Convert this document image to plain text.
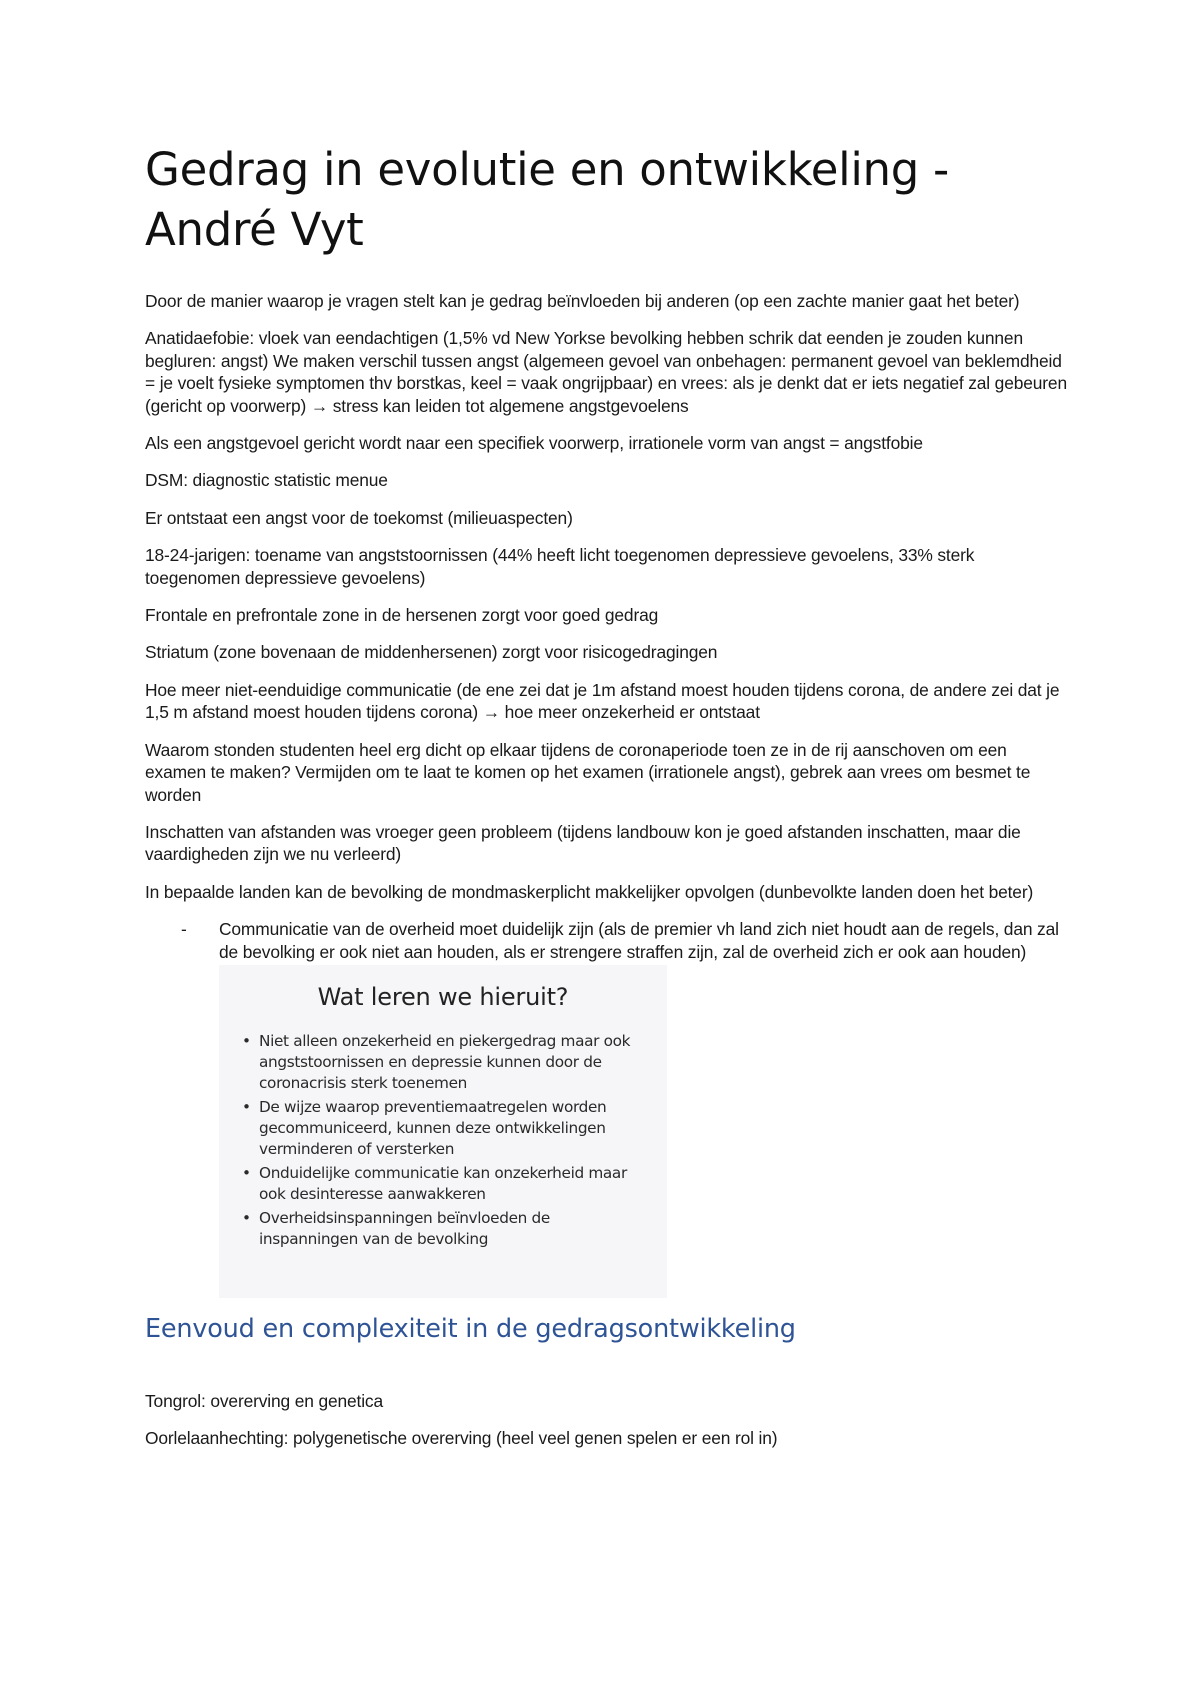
Gedrag in evolutie en ontwikkeling - André Vyt

Door de manier waarop je vragen stelt kan je gedrag beïnvloeden bij anderen (op een zachte manier gaat het beter)

Anatidaefobie: vloek van eendachtigen (1,5% vd New Yorkse bevolking hebben schrik dat eenden je zouden kunnen begluren: angst) We maken verschil tussen angst (algemeen gevoel van onbehagen: permanent gevoel van beklemdheid = je voelt fysieke symptomen thv borstkas, keel = vaak ongrijpbaar) en vrees: als je denkt dat er iets negatief zal gebeuren (gericht op voorwerp) → stress kan leiden tot algemene angstgevoelens

Als een angstgevoel gericht wordt naar een specifiek voorwerp, irrationele vorm van angst = angstfobie

DSM: diagnostic statistic menue

Er ontstaat een angst voor de toekomst (milieuaspecten)

18-24-jarigen: toename van angststoornissen (44% heeft licht toegenomen depressieve gevoelens, 33% sterk toegenomen depressieve gevoelens)

Frontale en prefrontale zone in de hersenen zorgt voor goed gedrag

Striatum (zone bovenaan de middenhersenen) zorgt voor risicogedragingen

Hoe meer niet-eenduidige communicatie (de ene zei dat je 1m afstand moest houden tijdens corona, de andere zei dat je 1,5 m afstand moest houden tijdens corona) → hoe meer onzekerheid er ontstaat

Waarom stonden studenten heel erg dicht op elkaar tijdens de coronaperiode toen ze in de rij aanschoven om een examen te maken? Vermijden om te laat te komen op het examen (irrationele angst), gebrek aan vrees om besmet te worden

Inschatten van afstanden was vroeger geen probleem (tijdens landbouw kon je goed afstanden inschatten, maar die vaardigheden zijn we nu verleerd)

In bepaalde landen kan de bevolking de mondmaskerplicht makkelijker opvolgen (dunbevolkte landen doen het beter)

- Communicatie van de overheid moet duidelijk zijn (als de premier vh land zich niet houdt aan de regels, dan zal de bevolking er ook niet aan houden, als er strengere straffen zijn, zal de overheid zich er ook aan houden)
Wat leren we hieruit?
• Niet alleen onzekerheid en piekergedrag maar ook angststoornissen en depressie kunnen door de coronacrisis sterk toenemen
• De wijze waarop preventiemaatregelen worden gecommuniceerd, kunnen deze ontwikkelingen verminderen of versterken
• Onduidelijke communicatie kan onzekerheid maar ook desinteresse aanwakkeren
• Overheidsinspanningen beïnvloeden de inspanningen van de bevolking
Eenvoud en complexiteit in de gedragsontwikkeling

Tongrol: overerving en genetica

Oorlelaanhechting: polygenetische overerving (heel veel genen spelen er een rol in)
